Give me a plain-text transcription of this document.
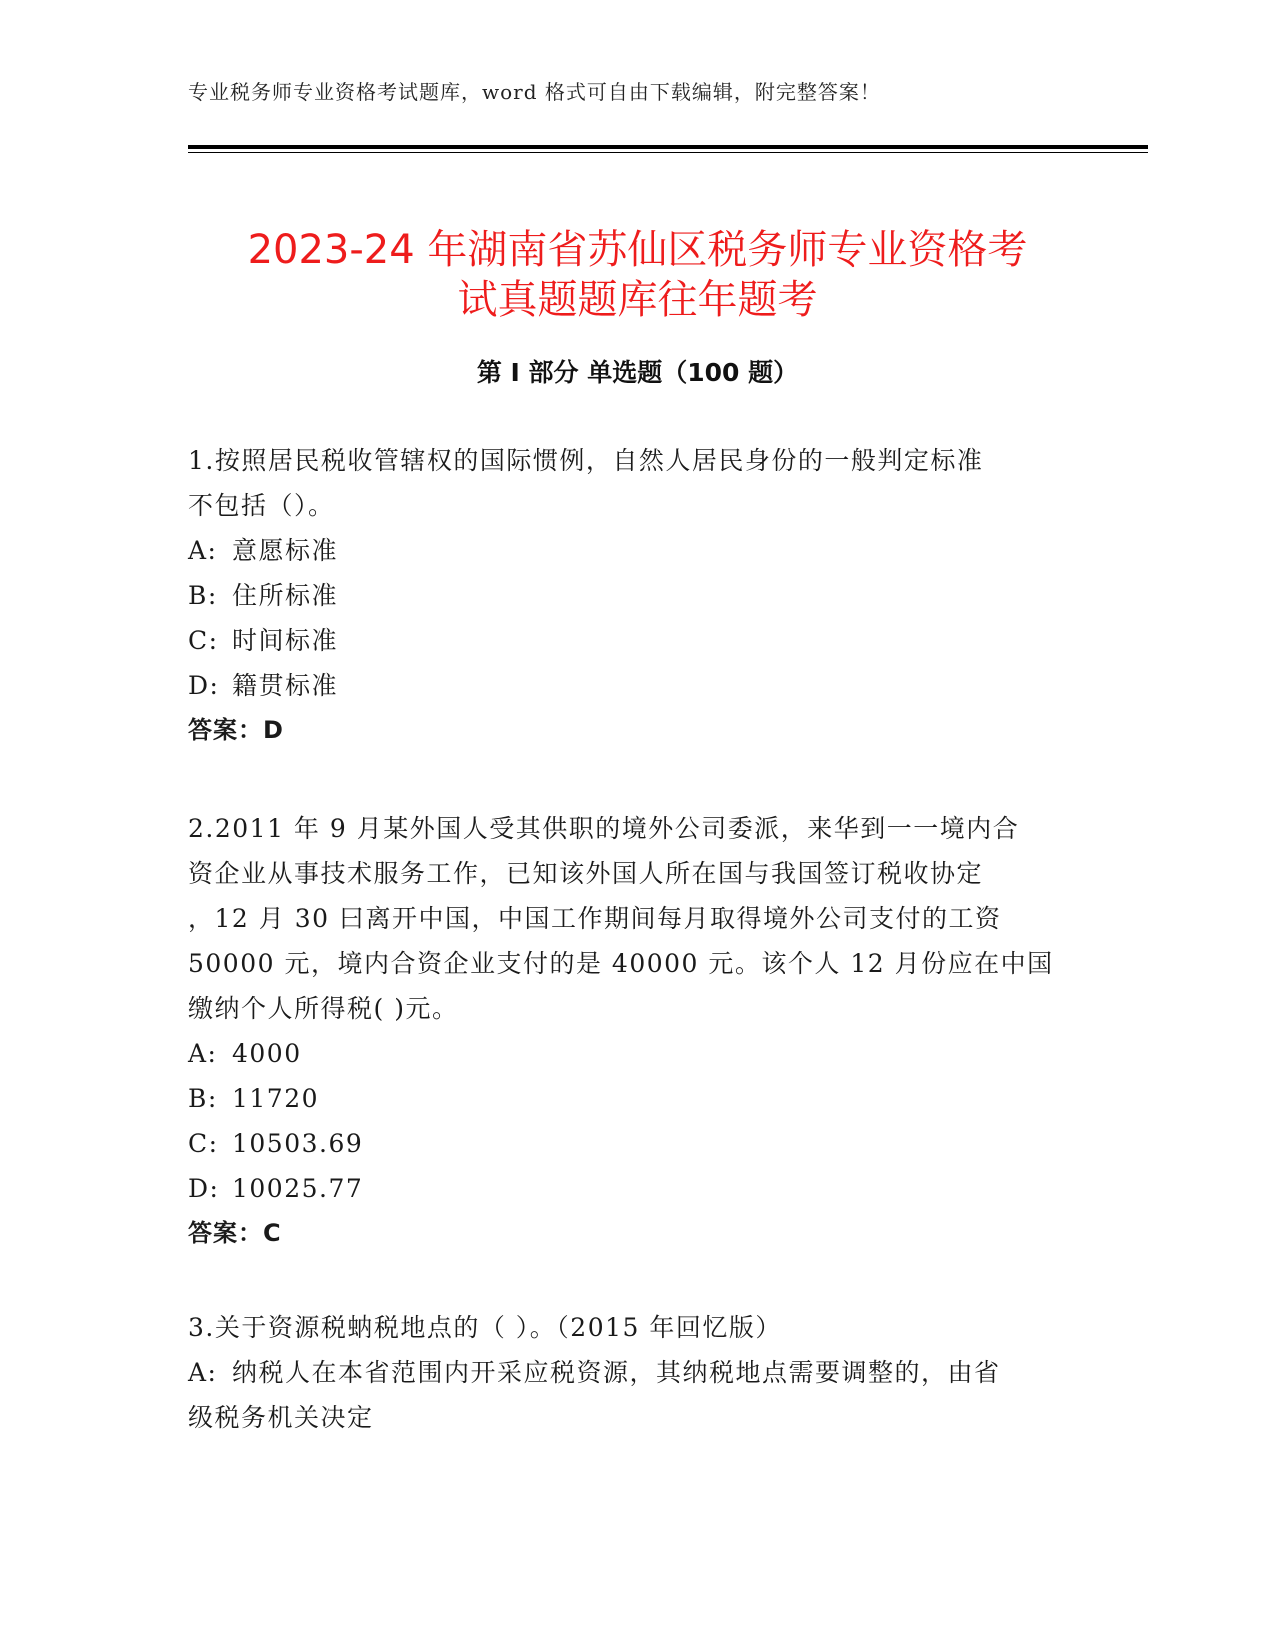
专业税务师专业资格考试题库，word 格式可自由下载编辑，附完整答案！
2023-24 年湖南省苏仙区税务师专业资格考
试真题题库往年题考
第 I 部分 单选题（100 题）
1.按照居民税收管辖权的国际惯例，自然人居民身份的一般判定标准
不包括（）。
A: 意愿标准
B: 住所标准
C: 时间标准
D: 籍贯标准
答案：D
2.2011 年 9 月某外国人受其供职的境外公司委派，来华到一一境内合
资企业从事技术服务工作，已知该外国人所在国与我国签订税收协定
，12 月 30 曰离开中国，中国工作期间每月取得境外公司支付的工资
50000 元，境内合资企业支付的是 40000 元。该个人 12 月份应在中国
缴纳个人所得税( )元。
A: 4000
B: 11720
C: 10503.69
D: 10025.77
答案：C
3.关于资源税蚋税地点的（ ）。（2015 年回忆版）
A: 纳税人在本省范围内开采应税资源，其纳税地点需要调整的，由省
级税务机关决定
